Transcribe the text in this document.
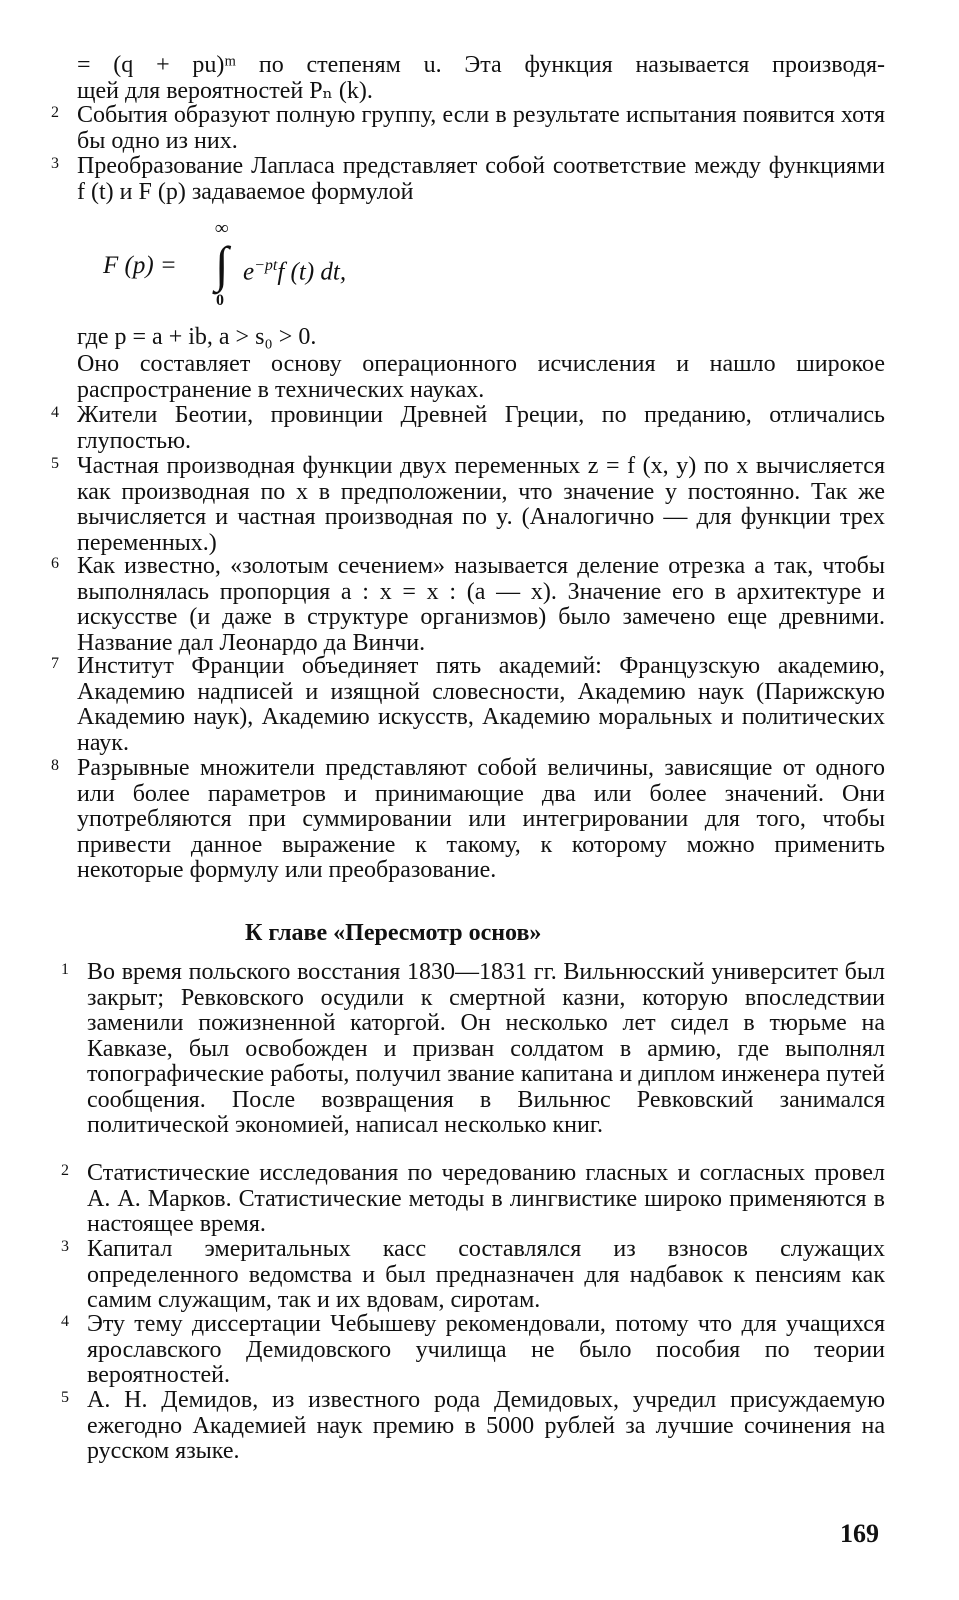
= (q + pu)ᵐ по степеням u. Эта функция называется производя-

щей для вероятностей Pₙ (k).

2 События образуют полную группу, если в результате испытания появится хотя бы одно из них.

3 Преобразование Лапласа представляет собой соответствие между функциями f (t) и F (p) задаваемое формулой

F (p) =
∞
∫
0
$e^{-pt}f$ (t) dt,
где p = a + ib, a > s₀ > 0.

Оно составляет основу операционного исчисления и нашло широкое распространение в технических науках.

4 Жители Беотии, провинции Древней Греции, по преданию, отличались глупостью.

5 Частная производная функции двух переменных z = f (x, y) по x вычисляется как производная по x в предположении, что значение y постоянно. Так же вычисляется и частная производная по y. (Аналогично — для функции трех переменных.)

6 Как известно, «золотым сечением» называется деление отрезка a так, чтобы выполнялась пропорция a : x = x : (a — x). Значение его в архитектуре и искусстве (и даже в структуре организмов) было замечено еще древними. Название дал Леонардо да Винчи.

7 Институт Франции объединяет пять академий: Французскую академию, Академию надписей и изящной словесности, Академию наук (Парижскую Академию наук), Академию искусств, Академию моральных и политических наук.

8 Разрывные множители представляют собой величины, зависящие от одного или более параметров и принимающие два или более значений. Они употребляются при суммировании или интегрировании для того, чтобы привести данное выражение к такому, к которому можно применить некоторые формулу или преобразование.

К главе «Пересмотр основ»
1 Во время польского восстания 1830—1831 гг. Вильнюсский университет был закрыт; Ревковского осудили к смертной казни, которую впоследствии заменили пожизненной каторгой. Он несколько лет сидел в тюрьме на Кавказе, был освобожден и призван солдатом в армию, где выполнял топографические работы, получил звание капитана и диплом инженера путей сообщения. После возвращения в Вильнюс Ревковский занимался политической экономией, написал несколько книг.

2 Статистические исследования по чередованию гласных и согласных провел А. А. Марков. Статистические методы в лингвистике широко применяются в настоящее время.

3 Капитал эмеритальных касс составлялся из взносов служащих определенного ведомства и был предназначен для надбавок к пенсиям как самим служащим, так и их вдовам, сиротам.

4 Эту тему диссертации Чебышеву рекомендовали, потому что для учащихся ярославского Демидовского училища не было пособия по теории вероятностей.

5 А. Н. Демидов, из известного рода Демидовых, учредил присуждаемую ежегодно Академией наук премию в 5000 рублей за лучшие сочинения на русском языке.

169
